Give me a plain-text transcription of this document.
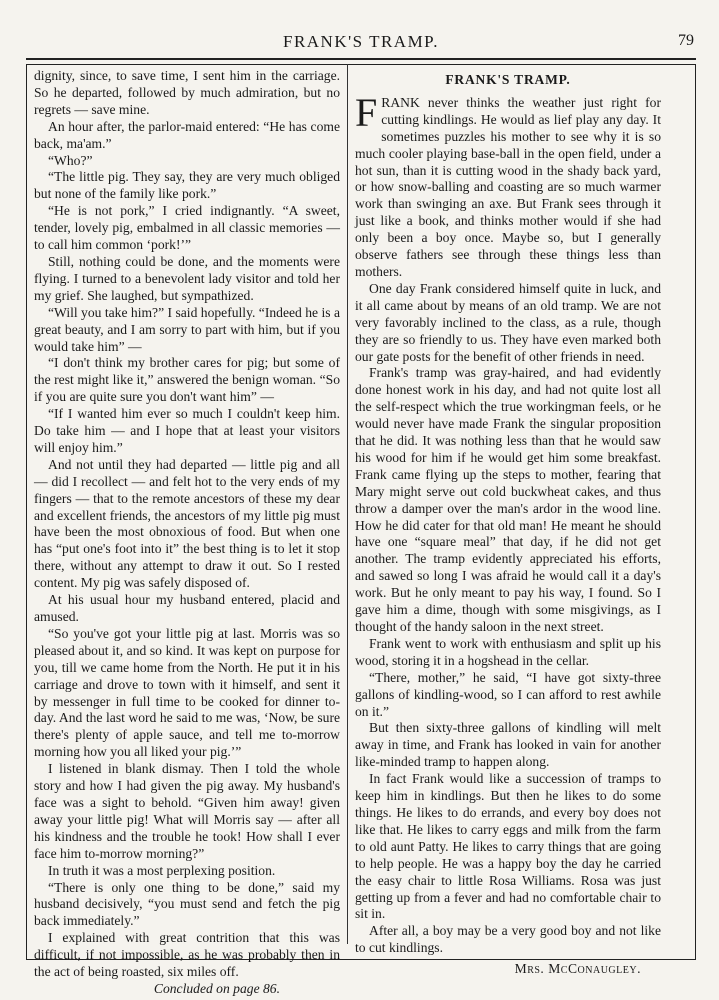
FRANK'S TRAMP.	79

dignity, since, to save time, I sent him in the carriage. So he departed, followed by much admiration, but no regrets — save mine.

An hour after, the parlor-maid entered: “He has come back, ma'am.”

“Who?”

“The little pig. They say, they are very much obliged but none of the family like pork.”

“He is not pork,” I cried indignantly. “A sweet, tender, lovely pig, embalmed in all classic memories — to call him common ‘pork!’”

Still, nothing could be done, and the moments were flying. I turned to a benevolent lady visitor and told her my grief. She laughed, but sympathized.

“Will you take him?” I said hopefully. “Indeed he is a great beauty, and I am sorry to part with him, but if you would take him” —

“I don't think my brother cares for pig; but some of the rest might like it,” answered the benign woman. “So if you are quite sure you don't want him” —

“If I wanted him ever so much I couldn't keep him. Do take him — and I hope that at least your visitors will enjoy him.”

And not until they had departed — little pig and all — did I recollect — and felt hot to the very ends of my fingers — that to the remote ancestors of these my dear and excellent friends, the ancestors of my little pig must have been the most obnoxious of food. But when one has “put one's foot into it” the best thing is to let it stop there, without any attempt to draw it out. So I rested content. My pig was safely disposed of.

At his usual hour my husband entered, placid and amused.

“So you've got your little pig at last. Morris was so pleased about it, and so kind. It was kept on purpose for you, till we came home from the North. He put it in his carriage and drove to town with it himself, and sent it by messenger in full time to be cooked for dinner to-day. And the last word he said to me was, ‘Now, be sure there's plenty of apple sauce, and tell me to-morrow morning how you all liked your pig.’”

I listened in blank dismay. Then I told the whole story and how I had given the pig away. My husband's face was a sight to behold. “Given him away! given away your little pig! What will Morris say — after all his kindness and the trouble he took! How shall I ever face him to-morrow morning?”

In truth it was a most perplexing position.

“There is only one thing to be done,” said my husband decisively, “you must send and fetch the pig back immediately.”

I explained with great contrition that this was difficult, if not impossible, as he was probably then in the act of being roasted, six miles off.

Concluded on page 86.

FRANK'S TRAMP.

FRANK never thinks the weather just right for cutting kindlings. He would as lief play any day. It sometimes puzzles his mother to see why it is so much cooler playing base-ball in the open field, under a hot sun, than it is cutting wood in the shady back yard, or how snow-balling and coasting are so much warmer work than swinging an axe. But Frank sees through it just like a book, and thinks mother would if she had only been a boy once. Maybe so, but I generally observe fathers see through these things less than mothers.

One day Frank considered himself quite in luck, and it all came about by means of an old tramp. We are not very favorably inclined to the class, as a rule, though they are so friendly to us. They have even marked both our gate posts for the benefit of other friends in need.

Frank's tramp was gray-haired, and had evidently done honest work in his day, and had not quite lost all the self-respect which the true workingman feels, or he would never have made Frank the singular proposition that he did. It was nothing less than that he would saw his wood for him if he would get him some breakfast. Frank came flying up the steps to mother, fearing that Mary might serve out cold buckwheat cakes, and thus throw a damper over the man's ardor in the wood line. How he did cater for that old man! He meant he should have one “square meal” that day, if he did not get another. The tramp evidently appreciated his efforts, and sawed so long I was afraid he would call it a day's work. But he only meant to pay his way, I found. So I gave him a dime, though with some misgivings, as I thought of the handy saloon in the next street.

Frank went to work with enthusiasm and split up his wood, storing it in a hogshead in the cellar.

“There, mother,” he said, “I have got sixty-three gallons of kindling-wood, so I can afford to rest awhile on it.”

But then sixty-three gallons of kindling will melt away in time, and Frank has looked in vain for another like-minded tramp to happen along.

In fact Frank would like a succession of tramps to keep him in kindlings. But then he likes to do some things. He likes to do errands, and every boy does not like that. He likes to carry eggs and milk from the farm to old aunt Patty. He likes to carry things that are going to help people. He was a happy boy the day he carried the easy chair to little Rosa Williams. Rosa was just getting up from a fever and had no comfortable chair to sit in.

After all, a boy may be a very good boy and not like to cut kindlings.

Mrs. McConaugley.
